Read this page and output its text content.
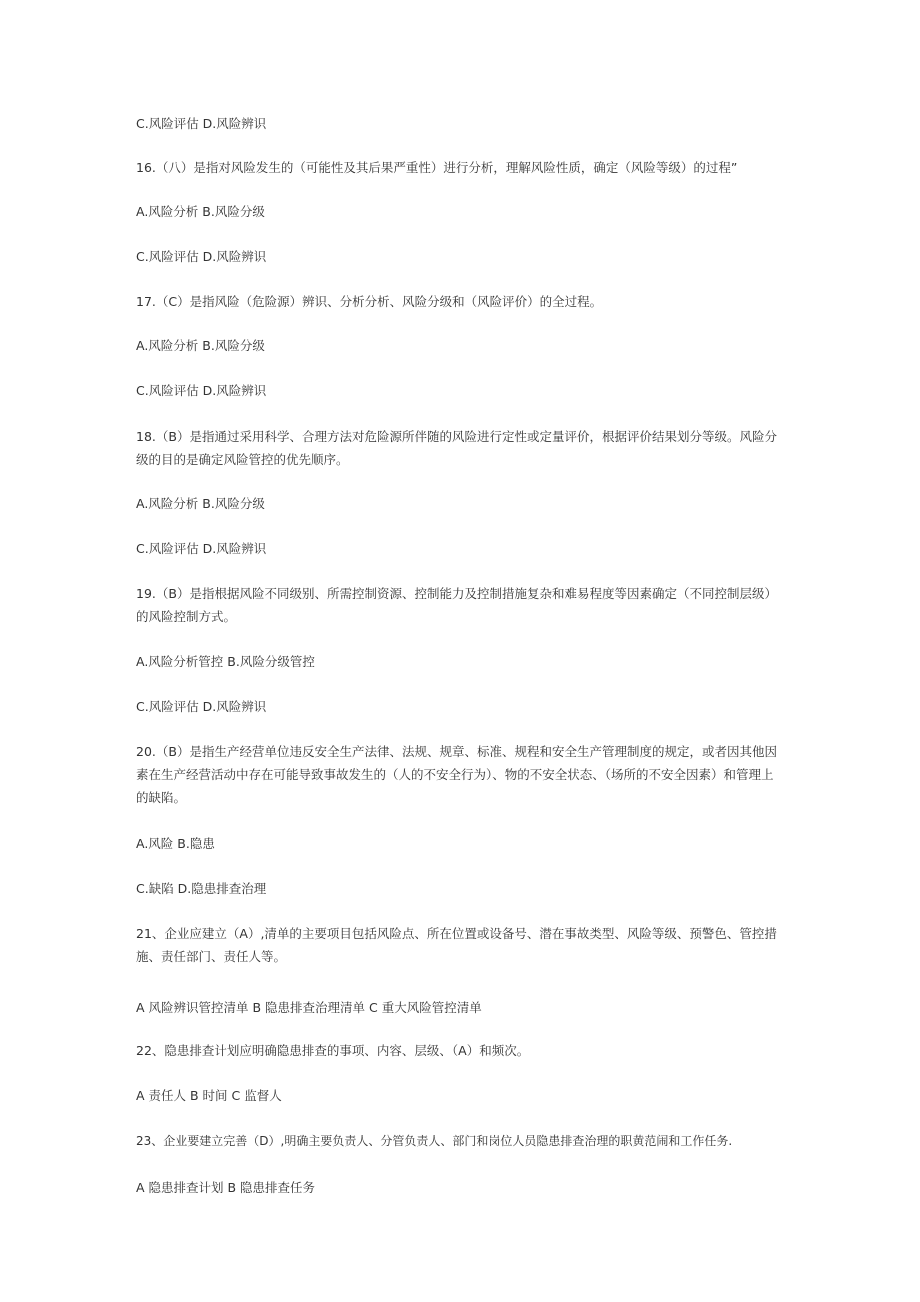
C.风险评估 D.风险辨识
16.（八）是指对风险发生的（可能性及其后果严重性）进行分析，理解风险性质，确定（风险等级）的过程”
A.风险分析 B.风险分级
C.风险评估 D.风险辨识
17.（C）是指风险（危险源）辨识、分析分析、风险分级和（风险评价）的全过程。
A.风险分析 B.风险分级
C.风险评估 D.风险辨识
18.（B）是指通过采用科学、合理方法对危险源所伴随的风险进行定性或定量评价，根据评价结果划分等级。风险分级的目的是确定风险管控的优先顺序。
A.风险分析 B.风险分级
C.风险评估 D.风险辨识
19.（B）是指根据风险不同级别、所需控制资源、控制能力及控制措施复杂和难易程度等因素确定（不同控制层级）的风险控制方式。
A.风险分析管控 B.风险分级管控
C.风险评估 D.风险辨识
20.（B）是指生产经营单位违反安全生产法律、法规、规章、标准、规程和安全生产管理制度的规定，或者因其他因素在生产经营活动中存在可能导致事故发生的（人的不安全行为）、物的不安全状态、（场所的不安全因素）和管理上的缺陷。
A.风险 B.隐患
C.缺陷 D.隐患排查治理
21、企业应建立（A）,清单的主要项目包括风险点、所在位置或设备号、潜在事故类型、风险等级、预警色、管控措施、责任部门、责任人等。
A 风险辨识管控清单 B 隐患排查治理清单 C 重大风险管控清单
22、隐患排查计划应明确隐患排查的事项、内容、层级、（A）和频次。
A 责任人 B 时间 C 监督人
23、企业要建立完善（D）,明确主要负责人、分管负责人、部门和岗位人员隐患排查治理的职黄范闹和工作任务.
A 隐患排查计划 B 隐患排查任务
